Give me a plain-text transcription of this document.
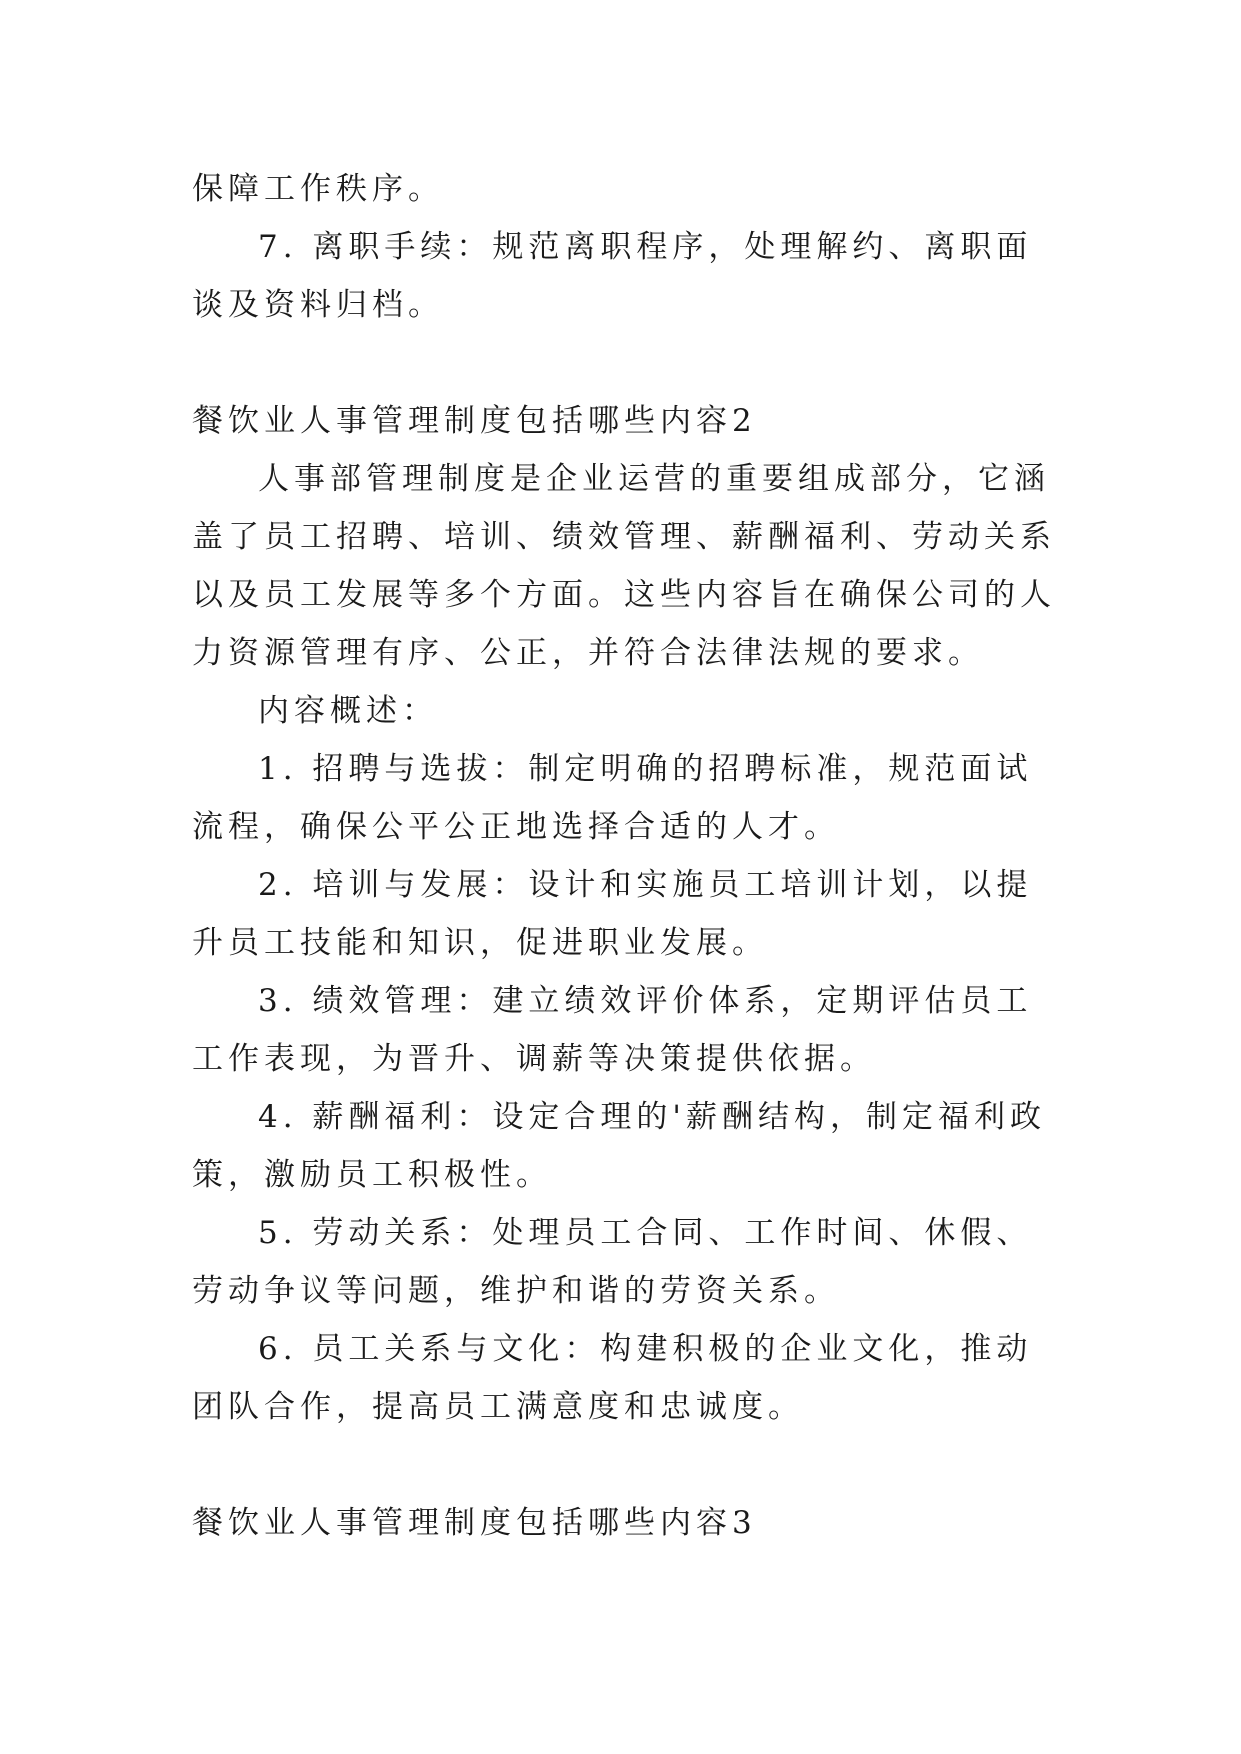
保障工作秩序。

7. 离职手续：规范离职程序，处理解约、离职面谈及资料归档。

餐饮业人事管理制度包括哪些内容2

人事部管理制度是企业运营的重要组成部分，它涵盖了员工招聘、培训、绩效管理、薪酬福利、劳动关系以及员工发展等多个方面。这些内容旨在确保公司的人力资源管理有序、公正，并符合法律法规的要求。

内容概述：

1. 招聘与选拔：制定明确的招聘标准，规范面试流程，确保公平公正地选择合适的人才。

2. 培训与发展：设计和实施员工培训计划，以提升员工技能和知识，促进职业发展。

3. 绩效管理：建立绩效评价体系，定期评估员工工作表现，为晋升、调薪等决策提供依据。

4. 薪酬福利：设定合理的'薪酬结构，制定福利政策，激励员工积极性。

5. 劳动关系：处理员工合同、工作时间、休假、劳动争议等问题，维护和谐的劳资关系。

6. 员工关系与文化：构建积极的企业文化，推动团队合作，提高员工满意度和忠诚度。

餐饮业人事管理制度包括哪些内容3
